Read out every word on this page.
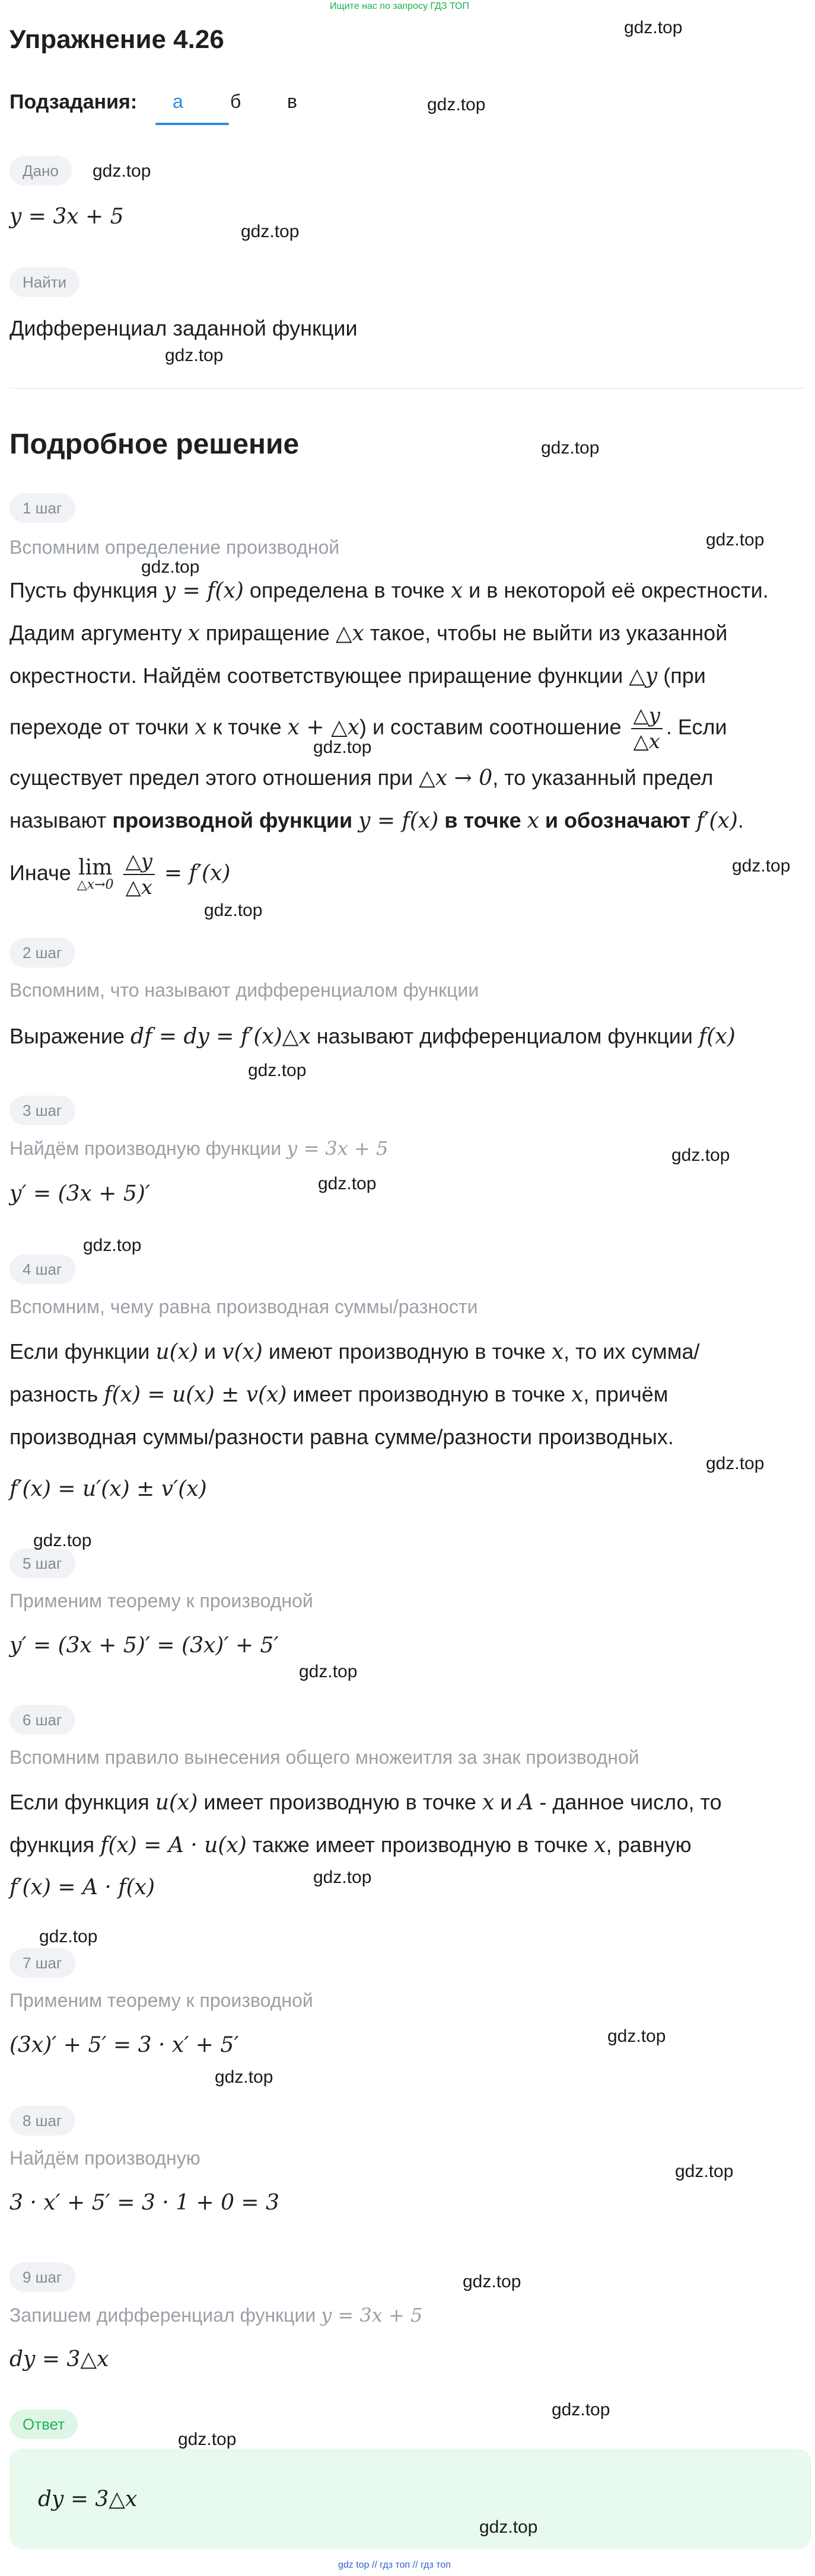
Ищите нас по запросу ГДЗ ТОП
Упражнение 4.26
Подзадания: а б в
Дано
y = 3x + 5
Найти
Дифференциал заданной функции
Подробное решение
1 шаг
Вспомним определение производной
Пусть функция y = f(x) определена в точке x и в некоторой её окрестности.
Дадим аргументу x приращение △x такое, чтобы не выйти из указанной
окрестности. Найдём соответствующее приращение функции △y (при
переходе от точки x к точке x + △x) и составим соотношение $\frac{\triangle y}{\triangle x}$ . Если
существует предел этого отношения при △x → 0, то указанный предел
называют производной функции y = f(x) в точке x и обозначают f′(x).
Иначе lim
△x→0
$\frac{\triangle y}{\triangle x} = f'(x)$
2 шаг
Вспомним, что называют дифференциалом функции
Выражение df = dy = f′(x)△x называют дифференциалом функции f(x)
3 шаг
Найдём производную функции y = 3x + 5
y′ = (3x + 5)′
4 шаг
Вспомним, чему равна производная суммы/разности
Если функции u(x) и v(x) имеют производную в точке x, то их сумма/
разность f(x) = u(x) ± v(x) имеет производную в точке x, причём
производная суммы/разности равна сумме/разности производных.
f′(x) = u′(x) ± v′(x)
5 шаг
Применим теорему к производной
y′ = (3x + 5)′ = (3x)′ + 5′
6 шаг
Вспомним правило вынесения общего множеитля за знак производной
Если функция u(x) имеет производную в точке x и A - данное число, то
функция f(x) = A · u(x) также имеет производную в точке x, равную
f′(x) = A · f(x)
7 шаг
Применим теорему к производной
(3x)′ + 5′ = 3 · x′ + 5′
8 шаг
Найдём производную
3 · x′ + 5′ = 3 · 1 + 0 = 3
9 шаг
Запишем дифференциал функции y = 3x + 5
dy = 3△x
Ответ
dy = 3△x
gdz.top
gdz.top
gdz.top
gdz.top
gdz.top
gdz.top
gdz.top
gdz.top
gdz.top
gdz.top
gdz.top
gdz.top
gdz.top
gdz.top
gdz.top
gdz.top
gdz.top
gdz.top
gdz.top
gdz.top
gdz.top
gdz.top
gdz.top
gdz.top
gdz.top
gdz.top
gdz.top
gdz top // гдз топ // гдз топ
